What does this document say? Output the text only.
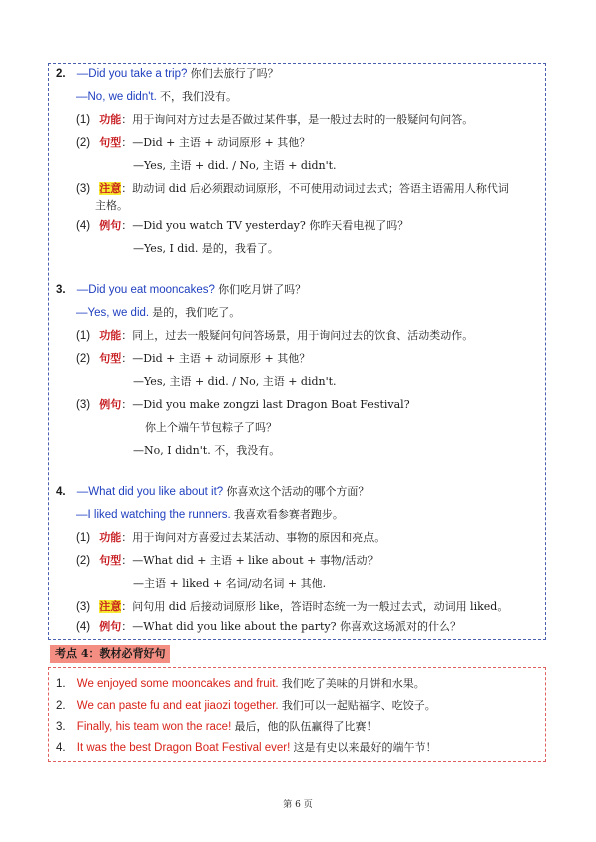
2. —Did you take a trip? 你们去旅行了吗？
—No, we didn't. 不，我们没有。
(1) 功能：用于询问对方过去是否做过某件事，是一般过去时的一般疑问句问答。
(2) 句型：—Did + 主语 + 动词原形 + 其他？
—Yes, 主语 + did. / No, 主语 + didn't.
(3) 注意：助动词 did 后必须跟动词原形，不可使用动词过去式；答语主语需用人称代词
主格。
(4) 例句：—Did you watch TV yesterday? 你昨天看电视了吗？
—Yes, I did. 是的，我看了。
3. —Did you eat mooncakes? 你们吃月饼了吗？
—Yes, we did. 是的，我们吃了。
(1) 功能：同上，过去一般疑问句问答场景，用于询问过去的饮食、活动类动作。
(2) 句型：—Did + 主语 + 动词原形 + 其他？
—Yes, 主语 + did. / No, 主语 + didn't.
(3) 例句：—Did you make zongzi last Dragon Boat Festival?
你上个端午节包粽子了吗？
—No, I didn't. 不，我没有。
4. —What did you like about it? 你喜欢这个活动的哪个方面？
—I liked watching the runners. 我喜欢看参赛者跑步。
(1) 功能：用于询问对方喜爱过去某活动、事物的原因和亮点。
(2) 句型：—What did + 主语 + like about + 事物/活动？
—主语 + liked + 名词/动名词 + 其他.
(3) 注意：问句用 did 后接动词原形 like，答语时态统一为一般过去式，动词用 liked。
(4) 例句：—What did you like about the party? 你喜欢这场派对的什么？
考点 4：教材必背好句
1. We enjoyed some mooncakes and fruit. 我们吃了美味的月饼和水果。
2. We can paste fu and eat jiaozi together. 我们可以一起贴福字、吃饺子。
3. Finally, his team won the race! 最后，他的队伍赢得了比赛！
4. It was the best Dragon Boat Festival ever! 这是有史以来最好的端午节！
第 6 页
